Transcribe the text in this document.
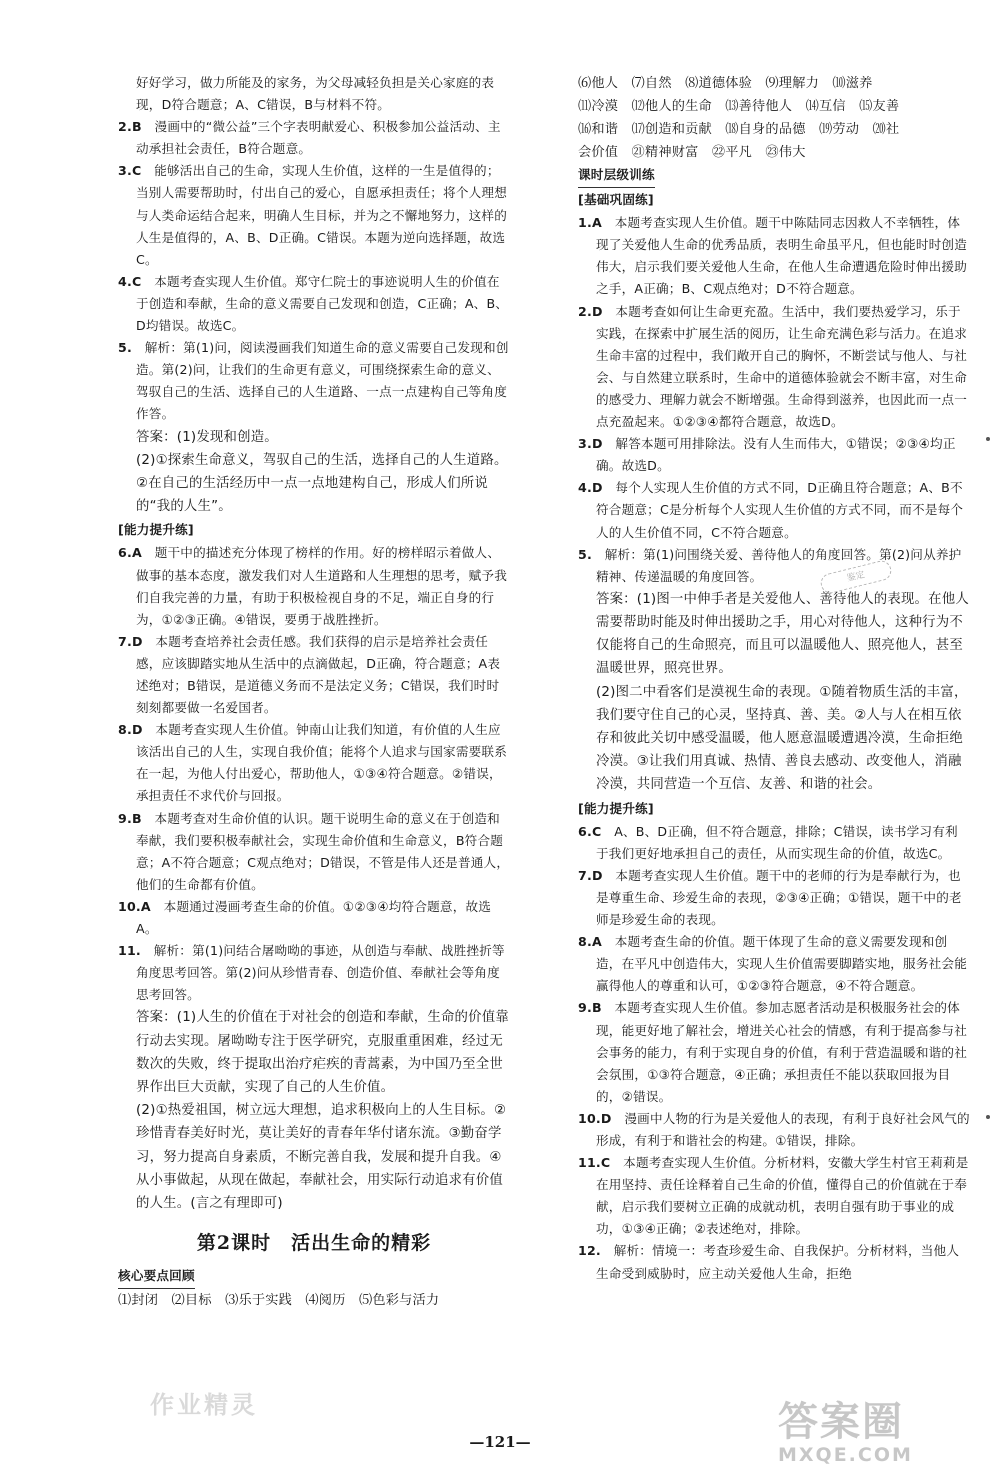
好好学习，做力所能及的家务，为父母减轻负担是关心家庭的表现，D符合题意；A、C错误，B与材料不符。

2.B  漫画中的“微公益”三个字表明献爱心、积极参加公益活动、主动承担社会责任，B符合题意。

3.C  能够活出自己的生命，实现人生价值，这样的一生是值得的；当别人需要帮助时，付出自己的爱心，自愿承担责任；将个人理想与人类命运结合起来，明确人生目标，并为之不懈地努力，这样的人生是值得的，A、B、D正确。C错误。本题为逆向选择题，故选C。

4.C  本题考查实现人生价值。郑守仁院士的事迹说明人生的价值在于创造和奉献，生命的意义需要自己发现和创造，C正确；A、B、D均错误。故选C。

5.  解析：第(1)问，阅读漫画我们知道生命的意义需要自己发现和创造。第(2)问，让我们的生命更有意义，可围绕探索生命的意义、驾驭自己的生活、选择自己的人生道路、一点一点建构自己等角度作答。

答案：(1)发现和创造。

(2)①探索生命意义，驾驭自己的生活，选择自己的人生道路。②在自己的生活经历中一点一点地建构自己，形成人们所说的“我的人生”。

[能力提升练]

6.A  题干中的描述充分体现了榜样的作用。好的榜样昭示着做人、做事的基本态度，激发我们对人生道路和人生理想的思考，赋予我们自我完善的力量，有助于积极检视自身的不足，端正自身的行为，①②③正确。④错误，要勇于战胜挫折。

7.D  本题考查培养社会责任感。我们获得的启示是培养社会责任感，应该脚踏实地从生活中的点滴做起，D正确，符合题意；A表述绝对；B错误，是道德义务而不是法定义务；C错误，我们时时刻刻都要做一名爱国者。

8.D  本题考查实现人生价值。钟南山让我们知道，有价值的人生应该活出自己的人生，实现自我价值；能将个人追求与国家需要联系在一起，为他人付出爱心，帮助他人，①③④符合题意。②错误，承担责任不求代价与回报。

9.B  本题考查对生命价值的认识。题干说明生命的意义在于创造和奉献，我们要积极奉献社会，实现生命价值和生命意义，B符合题意；A不符合题意；C观点绝对；D错误，不管是伟人还是普通人，他们的生命都有价值。

10.A  本题通过漫画考查生命的价值。①②③④均符合题意，故选A。

11.  解析：第(1)问结合屠呦呦的事迹，从创造与奉献、战胜挫折等角度思考回答。第(2)问从珍惜青春、创造价值、奉献社会等角度思考回答。

答案：(1)人生的价值在于对社会的创造和奉献，生命的价值靠行动去实现。屠呦呦专注于医学研究，克服重重困难，经过无数次的失败，终于提取出治疗疟疾的青蒿素，为中国乃至全世界作出巨大贡献，实现了自己的人生价值。

(2)①热爱祖国，树立远大理想，追求积极向上的人生目标。②珍惜青春美好时光，莫让美好的青春年华付诸东流。③勤奋学习，努力提高自身素质，不断完善自我，发展和提升自我。④从小事做起，从现在做起，奉献社会，用实际行动追求有价值的人生。(言之有理即可)

第2课时　活出生命的精彩

核心要点回顾

⑴封闭　⑵目标　⑶乐于实践　⑷阅历　⑸色彩与活力

⑹他人　⑺自然　⑻道德体验　⑼理解力　⑽滋养

⑾冷漠　⑿他人的生命　⒀善待他人　⒁互信　⒂友善

⒃和谐　⒄创造和贡献　⒅自身的品德　⒆劳动　⒇社

会价值　㉑精神财富　㉒平凡　㉓伟大

课时层级训练

[基础巩固练]

1.A  本题考查实现人生价值。题干中陈陆同志因救人不幸牺牲，体现了关爱他人生命的优秀品质，表明生命虽平凡，但也能时时创造伟大，启示我们要关爱他人生命，在他人生命遭遇危险时伸出援助之手，A正确；B、C观点绝对；D不符合题意。

2.D  本题考查如何让生命更充盈。生活中，我们要热爱学习，乐于实践，在探索中扩展生活的阅历，让生命充满色彩与活力。在追求生命丰富的过程中，我们敞开自己的胸怀，不断尝试与他人、与社会、与自然建立联系时，生命中的道德体验就会不断丰富，对生命的感受力、理解力就会不断增强。生命得到滋养，也因此而一点一点充盈起来。①②③④都符合题意，故选D。

3.D  解答本题可用排除法。没有人生而伟大，①错误；②③④均正确。故选D。

4.D  每个人实现人生价值的方式不同，D正确且符合题意；A、B不符合题意；C是分析每个人实现人生价值的方式不同，而不是每个人的人生价值不同，C不符合题意。

5.  解析：第(1)问围绕关爱、善待他人的角度回答。第(2)问从养护精神、传递温暖的角度回答。

答案：(1)图一中伸手者是关爱他人、善待他人的表现。在他人需要帮助时能及时伸出援助之手，用心对待他人，这种行为不仅能将自己的生命照亮，而且可以温暖他人、照亮他人，甚至温暖世界，照亮世界。

(2)图二中看客们是漠视生命的表现。①随着物质生活的丰富，我们要守住自己的心灵，坚持真、善、美。②人与人在相互依存和彼此关切中感受温暖，他人愿意温暖遭遇冷漠，生命拒绝冷漠。③让我们用真诚、热情、善良去感动、改变他人，消融冷漠，共同营造一个互信、友善、和谐的社会。

[能力提升练]

6.C  A、B、D正确，但不符合题意，排除；C错误，读书学习有利于我们更好地承担自己的责任，从而实现生命的价值，故选C。

7.D  本题考查实现人生价值。题干中的老师的行为是奉献行为，也是尊重生命、珍爱生命的表现，②③④正确；①错误，题干中的老师是珍爱生命的表现。

8.A  本题考查生命的价值。题干体现了生命的意义需要发现和创造，在平凡中创造伟大，实现人生价值需要脚踏实地，服务社会能赢得他人的尊重和认可，①②③符合题意，④不符合题意。

9.B  本题考查实现人生价值。参加志愿者活动是积极服务社会的体现，能更好地了解社会，增进关心社会的情感，有利于提高参与社会事务的能力，有利于实现自身的价值，有利于营造温暖和谐的社会氛围，①③符合题意，④正确；承担责任不能以获取回报为目的，②错误。

10.D  漫画中人物的行为是关爱他人的表现，有利于良好社会风气的形成，有利于和谐社会的构建。①错误，排除。

11.C  本题考查实现人生价值。分析材料，安徽大学生村官王莉莉是在用坚持、责任诠释着自己生命的价值，懂得自己的价值就在于奉献，启示我们要树立正确的成就动机，表明自强有助于事业的成功，①③④正确；②表述绝对，排除。

12.  解析：情境一：考查珍爱生命、自我保护。分析材料，当他人生命受到威胁时，应主动关爱他人生命，拒绝

鉴定
作业精灵
—121—	答案圈
MXQE.COM
